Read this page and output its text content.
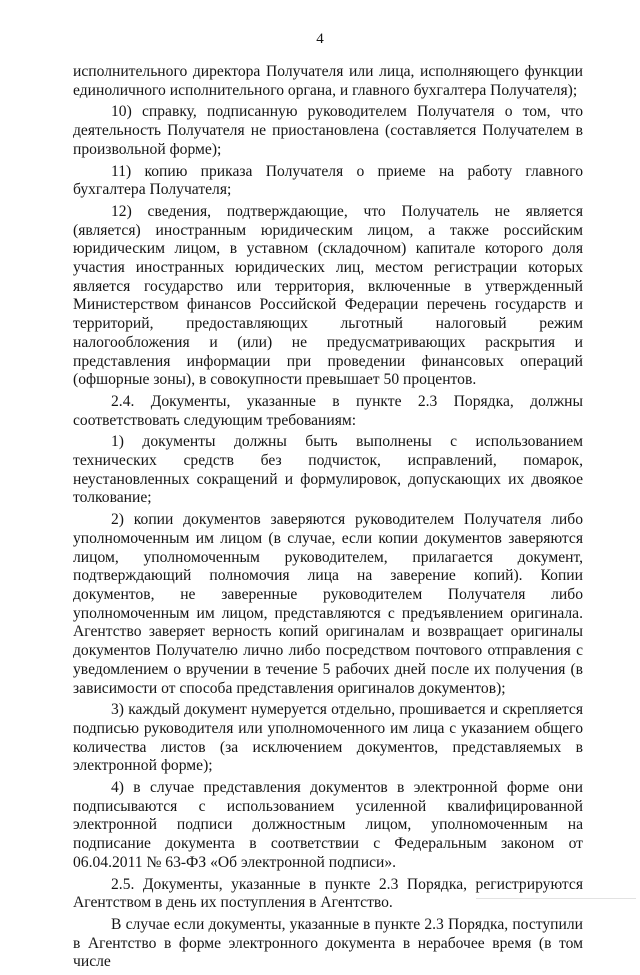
4

исполнительного директора Получателя или лица, исполняющего функции единоличного исполнительного органа, и главного бухгалтера Получателя);

10) справку, подписанную руководителем Получателя о том, что деятельность Получателя не приостановлена (составляется Получателем в произвольной форме);

11) копию приказа Получателя о приеме на работу главного бухгалтера Получателя;

12) сведения, подтверждающие, что Получатель не является (является) иностранным юридическим лицом, а также российским юридическим лицом, в уставном (складочном) капитале которого доля участия иностранных юридических лиц, местом регистрации которых является государство или территория, включенные в утвержденный Министерством финансов Российской Федерации перечень государств и территорий, предоставляющих льготный налоговый режим налогообложения и (или) не предусматривающих раскрытия и представления информации при проведении финансовых операций (офшорные зоны), в совокупности превышает 50 процентов.

2.4. Документы, указанные в пункте 2.3 Порядка, должны соответствовать следующим требованиям:

1) документы должны быть выполнены с использованием технических средств без подчисток, исправлений, помарок, неустановленных сокращений и формулировок, допускающих их двоякое толкование;

2) копии документов заверяются руководителем Получателя либо уполномоченным им лицом (в случае, если копии документов заверяются лицом, уполномоченным руководителем, прилагается документ, подтверждающий полномочия лица на заверение копий). Копии документов, не заверенные руководителем Получателя либо уполномоченным им лицом, представляются с предъявлением оригинала. Агентство заверяет верность копий оригиналам и возвращает оригиналы документов Получателю лично либо посредством почтового отправления с уведомлением о вручении в течение 5 рабочих дней после их получения (в зависимости от способа представления оригиналов документов);

3) каждый документ нумеруется отдельно, прошивается и скрепляется подписью руководителя или уполномоченного им лица с указанием общего количества листов (за исключением документов, представляемых в электронной форме);

4) в случае представления документов в электронной форме они подписываются с использованием усиленной квалифицированной электронной подписи должностным лицом, уполномоченным на подписание документа в соответствии с Федеральным законом от 06.04.2011 № 63-ФЗ «Об электронной подписи».

2.5. Документы, указанные в пункте 2.3 Порядка, регистрируются Агентством в день их поступления в Агентство.

В случае если документы, указанные в пункте 2.3 Порядка, поступили в Агентство в форме электронного документа в нерабочее время (в том числе
